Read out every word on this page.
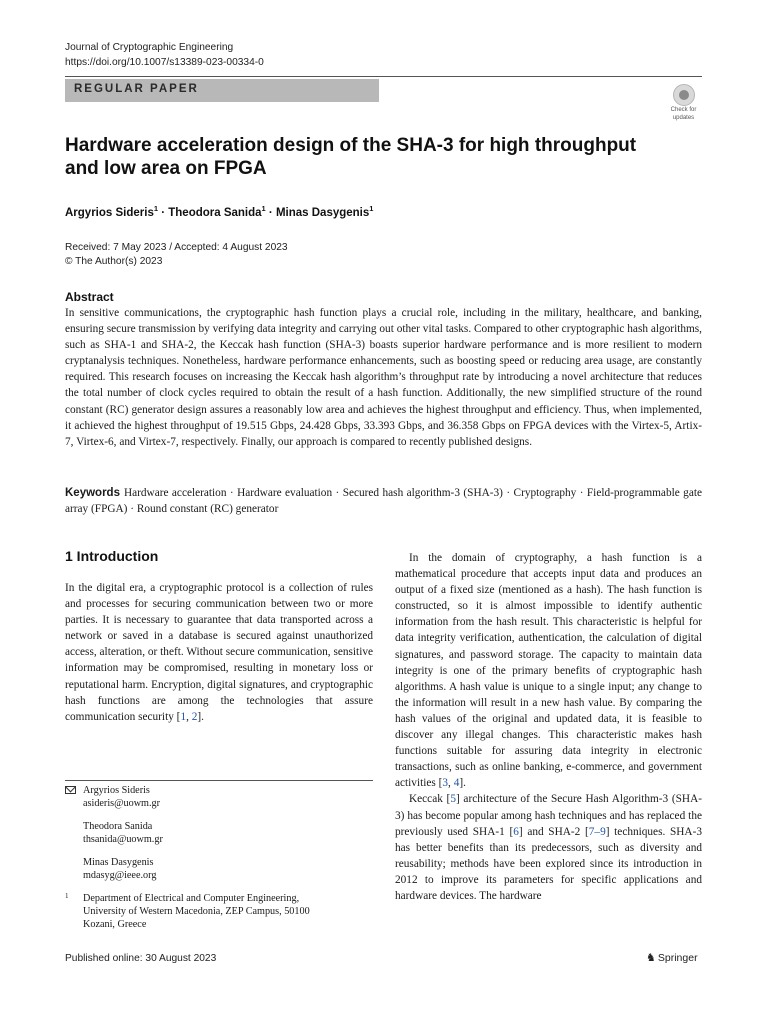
Journal of Cryptographic Engineering
https://doi.org/10.1007/s13389-023-00334-0
REGULAR PAPER
Check for
updates
Hardware acceleration design of the SHA-3 for high throughput and low area on FPGA
Argyrios Sideris$^1$ · Theodora Sanida$^1$ · Minas Dasygenis$^1$
Received: 7 May 2023 / Accepted: 4 August 2023
© The Author(s) 2023
Abstract

In sensitive communications, the cryptographic hash function plays a crucial role, including in the military, healthcare, and banking, ensuring secure transmission by verifying data integrity and carrying out other vital tasks. Compared to other cryptographic hash algorithms, such as SHA-1 and SHA-2, the Keccak hash function (SHA-3) boasts superior hardware performance and is more resilient to modern cryptanalysis techniques. Nonetheless, hardware performance enhancements, such as boosting speed or reducing area usage, are constantly required. This research focuses on increasing the Keccak hash algorithm’s throughput rate by introducing a novel architecture that reduces the total number of clock cycles required to obtain the result of a hash function. Additionally, the new simplified structure of the round constant (RC) generator design assures a reasonably low area and achieves the highest throughput and efficiency. Thus, when implemented, it achieved the highest throughput of 19.515 Gbps, 24.428 Gbps, 33.393 Gbps, and 36.358 Gbps on FPGA devices with the Virtex-5, Artix-7, Virtex-6, and Virtex-7, respectively. Finally, our approach is compared to recently published designs.

Keywords Hardware acceleration · Hardware evaluation · Secured hash algorithm-3 (SHA-3) · Cryptography · Field-programmable gate array (FPGA) · Round constant (RC) generator

1 Introduction

In the digital era, a cryptographic protocol is a collection of rules and processes for securing communication between two or more parties. It is necessary to guarantee that data transported across a network or saved in a database is secured against unauthorized access, alteration, or theft. Without secure communication, sensitive information may be compromised, resulting in monetary loss or reputational harm. Encryption, digital signatures, and cryptographic hash functions are among the technologies that assure communication security [1, 2].

In the domain of cryptography, a hash function is a mathematical procedure that accepts input data and produces an output of a fixed size (mentioned as a hash). The hash function is constructed, so it is almost impossible to identify authentic information from the hash result. This characteristic is helpful for data integrity verification, authentication, the calculation of digital signatures, and password storage. The capacity to maintain data integrity is one of the primary benefits of cryptographic hash algorithms. A hash value is unique to a single input; any change to the information will result in a new hash value. By comparing the hash values of the original and updated data, it is feasible to discover any illegal changes. This characteristic makes hash functions suitable for assuring data integrity in electronic transactions, such as online banking, e-commerce, and government activities [3, 4].

Keccak [5] architecture of the Secure Hash Algorithm-3 (SHA-3) has become popular among hash techniques and has replaced the previously used SHA-1 [6] and SHA-2 [7–9] techniques. SHA-3 has better benefits than its predecessors, such as diversity and reusability; methods have been explored since its introduction in 2012 to improve its parameters for specific applications and hardware devices. The hardware

Argyrios Sideris
asideris@uowm.gr
Theodora Sanida
thsanida@uowm.gr
Minas Dasygenis
mdasyg@ieee.org
1 Department of Electrical and Computer Engineering,
University of Western Macedonia, ZEP Campus, 50100
Kozani, Greece
Published online: 30 August 2023	♞ Springer
